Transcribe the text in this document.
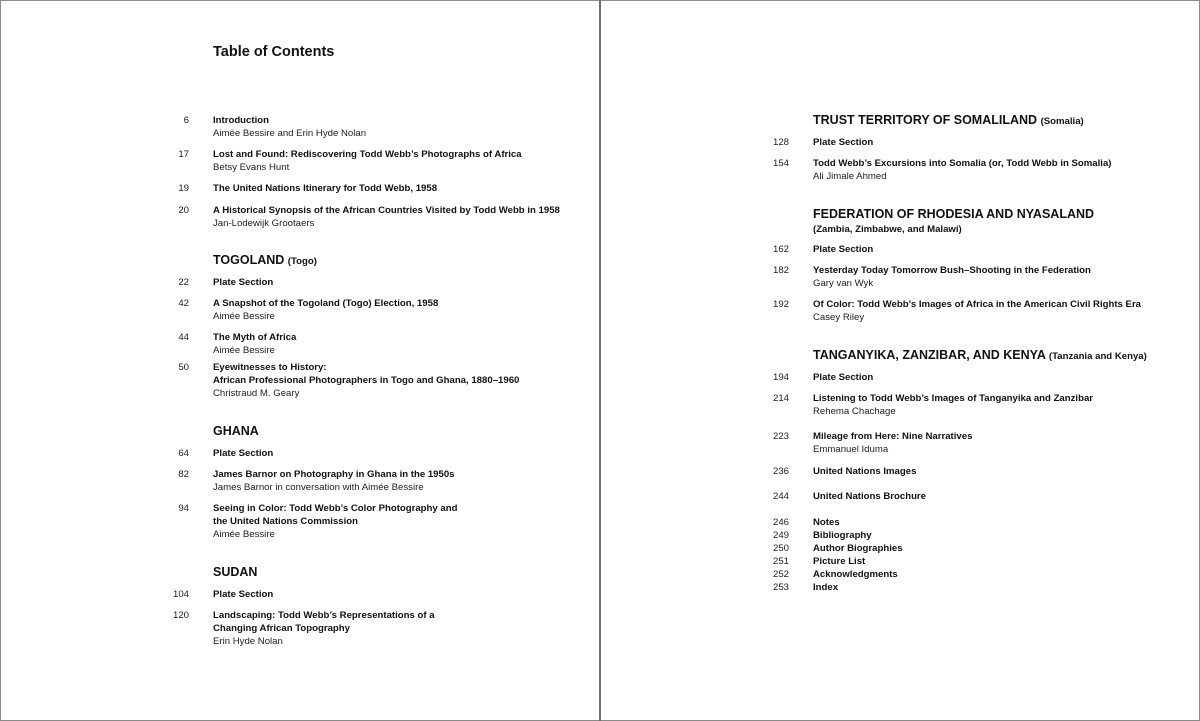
Table of Contents
6	Introduction
Aimée Bessire and Erin Hyde Nolan
17	Lost and Found: Rediscovering Todd Webb’s Photographs of Africa
Betsy Evans Hunt
19	The United Nations Itinerary for Todd Webb, 1958
20	A Historical Synopsis of the African Countries Visited by Todd Webb in 1958
Jan-Lodewijk Grootaers
TOGOLAND (Togo)
22	Plate Section
42	A Snapshot of the Togoland (Togo) Election, 1958
Aimée Bessire
44	The Myth of Africa
Aimée Bessire
50	Eyewitnesses to History:
African Professional Photographers in Togo and Ghana, 1880–1960
Christraud M. Geary
GHANA
64	Plate Section
82	James Barnor on Photography in Ghana in the 1950s
James Barnor in conversation with Aimée Bessire
94	Seeing in Color: Todd Webb’s Color Photography and
the United Nations Commission
Aimée Bessire
SUDAN
104	Plate Section
120	Landscaping: Todd Webb’s Representations of a
Changing African Topography
Erin Hyde Nolan
TRUST TERRITORY OF SOMALILAND (Somalia)
128	Plate Section
154	Todd Webb’s Excursions into Somalia (or, Todd Webb in Somalia)
Ali Jimale Ahmed
FEDERATION OF RHODESIA AND NYASALAND
(Zambia, Zimbabwe, and Malawi)
162	Plate Section
182	Yesterday Today Tomorrow Bush–Shooting in the Federation
Gary van Wyk
192	Of Color: Todd Webb’s Images of Africa in the American Civil Rights Era
Casey Riley
TANGANYIKA, ZANZIBAR, AND KENYA (Tanzania and Kenya)
194	Plate Section
214	Listening to Todd Webb’s Images of Tanganyika and Zanzibar
Rehema Chachage
223	Mileage from Here: Nine Narratives
Emmanuel Iduma
236	United Nations Images
244	United Nations Brochure
246	Notes
249	Bibliography
250	Author Biographies
251	Picture List
252	Acknowledgments
253	Index
